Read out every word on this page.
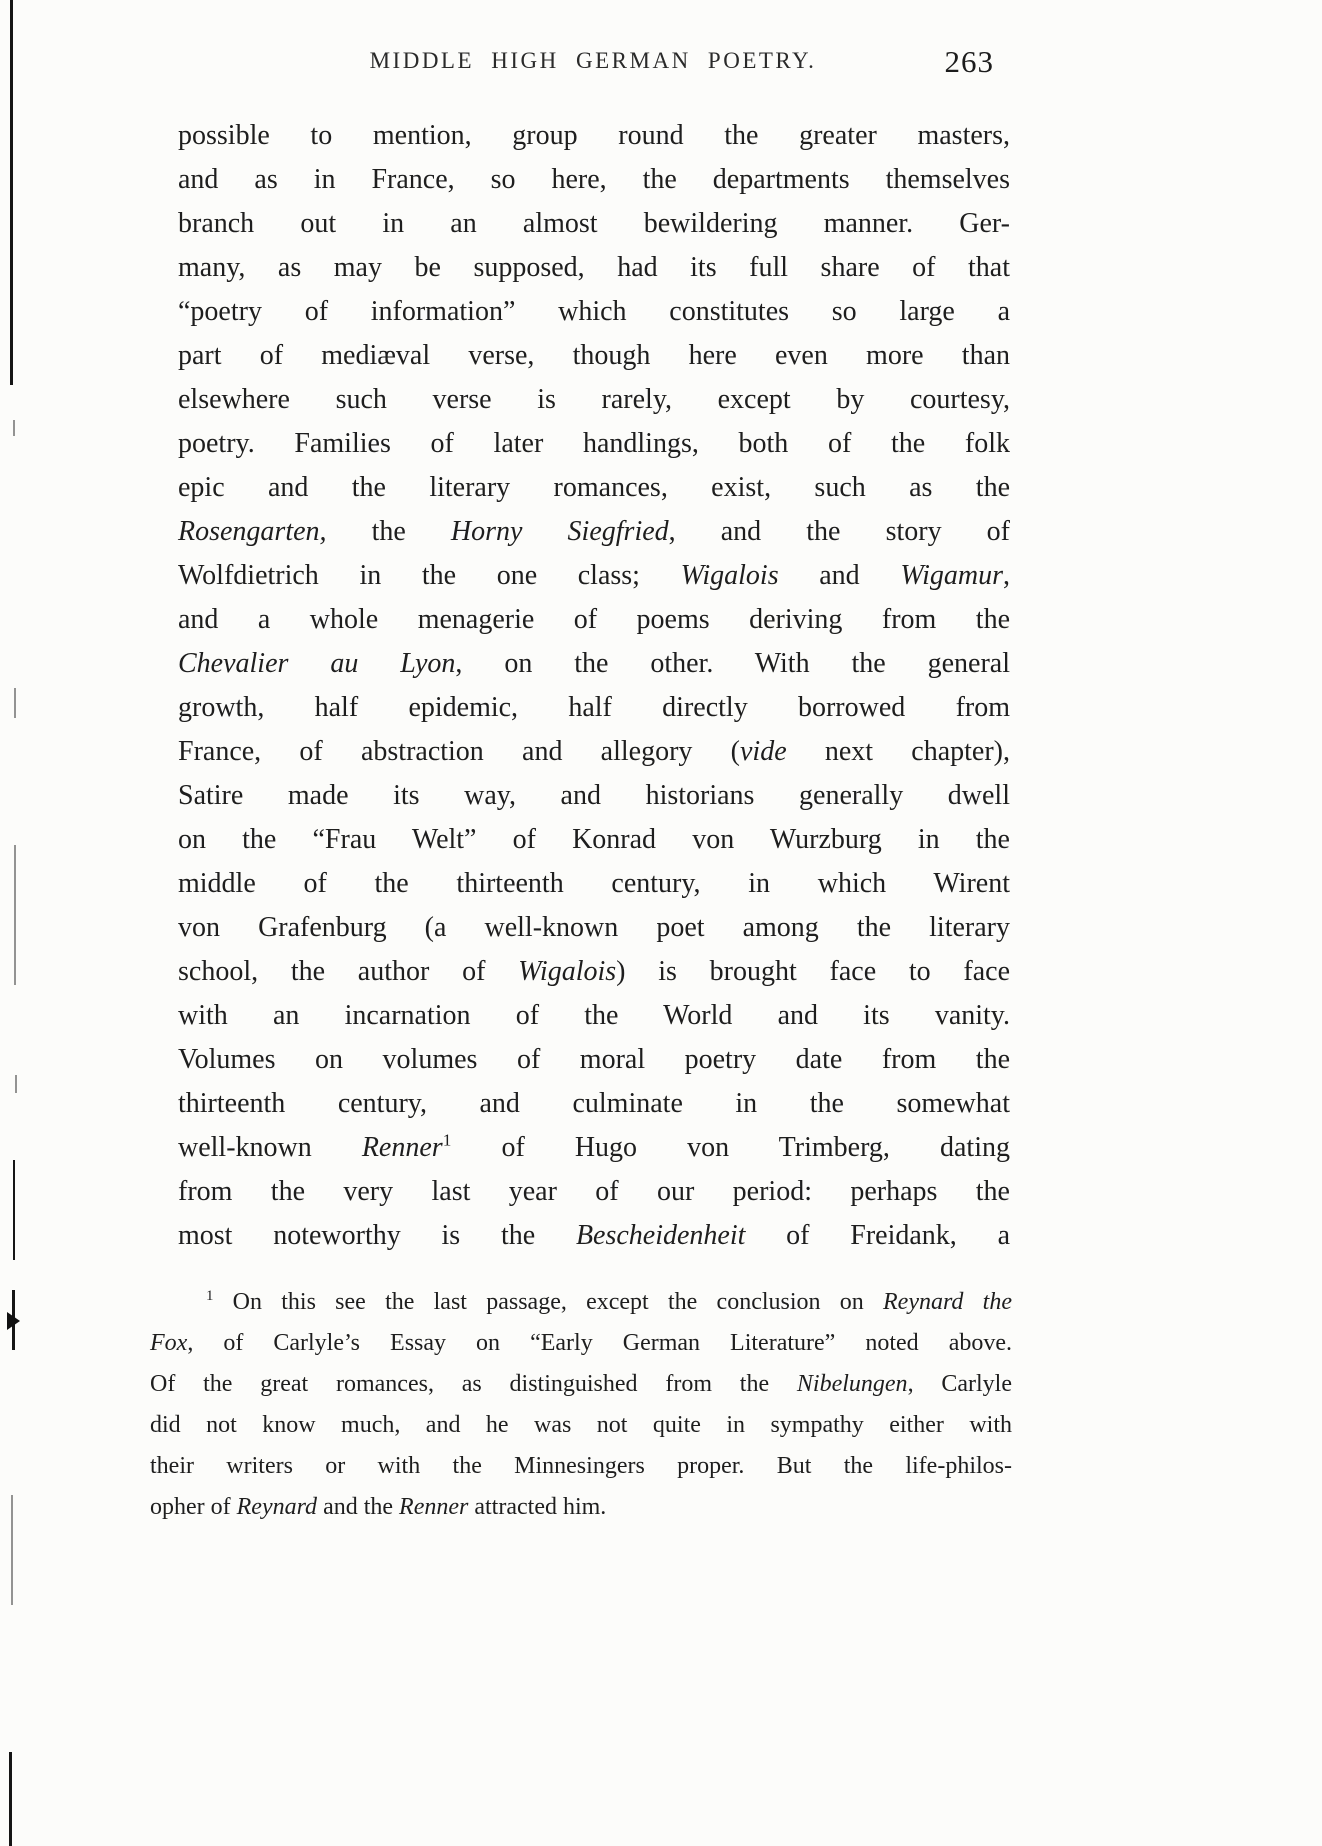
MIDDLE HIGH GERMAN POETRY.	263
possible to mention, group round the greater masters,
and as in France, so here, the departments themselves
branch out in an almost bewildering manner. Ger-
many, as may be supposed, had its full share of that
“poetry of information” which constitutes so large a
part of mediæval verse, though here even more than
elsewhere such verse is rarely, except by courtesy,
poetry. Families of later handlings, both of the folk
epic and the literary romances, exist, such as the
Rosengarten, the Horny Siegfried, and the story of
Wolfdietrich in the one class; Wigalois and Wigamur,
and a whole menagerie of poems deriving from the
Chevalier au Lyon, on the other. With the general
growth, half epidemic, half directly borrowed from
France, of abstraction and allegory (vide next chapter),
Satire made its way, and historians generally dwell
on the “Frau Welt” of Konrad von Wurzburg in the
middle of the thirteenth century, in which Wirent
von Grafenburg (a well-known poet among the literary
school, the author of Wigalois) is brought face to face
with an incarnation of the World and its vanity.
Volumes on volumes of moral poetry date from the
thirteenth century, and culminate in the somewhat
well-known Renner$^1$ of Hugo von Trimberg, dating
from the very last year of our period: perhaps the
most noteworthy is the Bescheidenheit of Freidank, a
$^1$ On this see the last passage, except the conclusion on Reynard the
Fox, of Carlyle’s Essay on “Early German Literature” noted above.
Of the great romances, as distinguished from the Nibelungen, Carlyle
did not know much, and he was not quite in sympathy either with
their writers or with the Minnesingers proper. But the life-philos-
opher of Reynard and the Renner attracted him.
